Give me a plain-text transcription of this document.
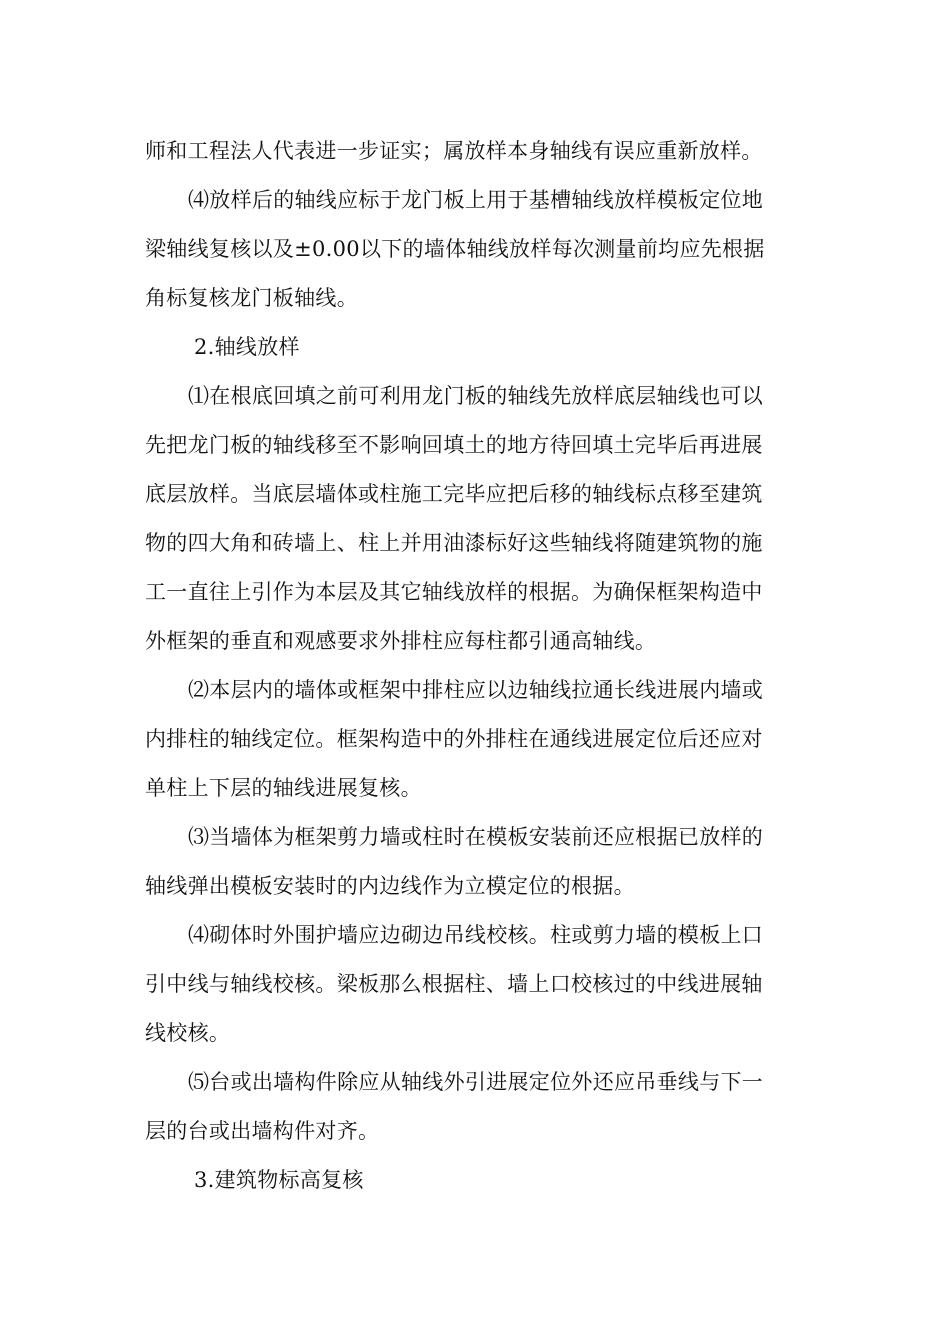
师和工程法人代表进一步证实；属放样本身轴线有误应重新放样。
⑷放样后的轴线应标于龙门板上用于基槽轴线放样模板定位地
梁轴线复核以及±0.00以下的墙体轴线放样每次测量前均应先根据
角标复核龙门板轴线。
2.轴线放样
⑴在根底回填之前可利用龙门板的轴线先放样底层轴线也可以
先把龙门板的轴线移至不影响回填土的地方待回填土完毕后再进展
底层放样。当底层墙体或柱施工完毕应把后移的轴线标点移至建筑
物的四大角和砖墙上、柱上并用油漆标好这些轴线将随建筑物的施
工一直往上引作为本层及其它轴线放样的根据。为确保框架构造中
外框架的垂直和观感要求外排柱应每柱都引通高轴线。
⑵本层内的墙体或框架中排柱应以边轴线拉通长线进展内墙或
内排柱的轴线定位。框架构造中的外排柱在通线进展定位后还应对
单柱上下层的轴线进展复核。
⑶当墙体为框架剪力墙或柱时在模板安装前还应根据已放样的
轴线弹出模板安装时的内边线作为立模定位的根据。
⑷砌体时外围护墙应边砌边吊线校核。柱或剪力墙的模板上口
引中线与轴线校核。梁板那么根据柱、墙上口校核过的中线进展轴
线校核。
⑸台或出墙构件除应从轴线外引进展定位外还应吊垂线与下一
层的台或出墙构件对齐。
3.建筑物标高复核
